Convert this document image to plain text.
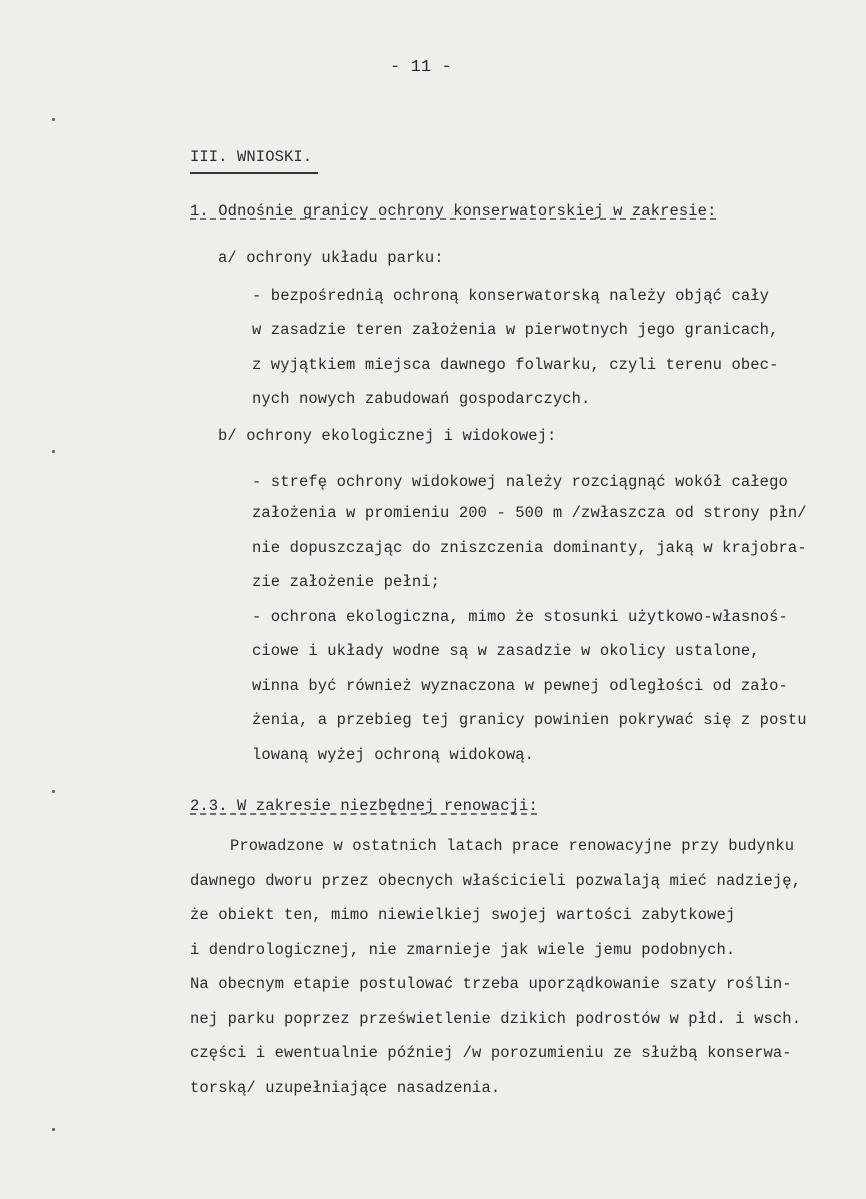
- 11 -
III. WNIOSKI.
1. Odnośnie granicy ochrony konserwatorskiej w zakresie:
a/ ochrony układu parku:
- bezpośrednią ochroną konserwatorską należy objąć cały
w zasadzie teren założenia w pierwotnych jego granicach,
z wyjątkiem miejsca dawnego folwarku, czyli terenu obec-
nych nowych zabudowań gospodarczych.
b/ ochrony ekologicznej i widokowej:
- strefę ochrony widokowej należy rozciągnąć wokół całego
założenia w promieniu 200 - 500 m /zwłaszcza od strony płn/
nie dopuszczając do zniszczenia dominanty, jaką w krajobra-
zie założenie pełni;
- ochrona ekologiczna, mimo że stosunki użytkowo-własnoś-
ciowe i układy wodne są w zasadzie w okolicy ustalone,
winna być również wyznaczona w pewnej odległości od zało-
żenia, a przebieg tej granicy powinien pokrywać się z postu
lowaną wyżej ochroną widokową.
2.3. W zakresie niezbędnej renowacji:
Prowadzone w ostatnich latach prace renowacyjne przy budynku
dawnego dworu przez obecnych właścicieli pozwalają mieć nadzieję,
że obiekt ten, mimo niewielkiej swojej wartości zabytkowej
i dendrologicznej, nie zmarnieje jak wiele jemu podobnych.
Na obecnym etapie postulować trzeba uporządkowanie szaty roślin-
nej parku poprzez prześwietlenie dzikich podrostów w płd. i wsch.
części i ewentualnie później /w porozumieniu ze służbą konserwa-
torską/ uzupełniające nasadzenia.
